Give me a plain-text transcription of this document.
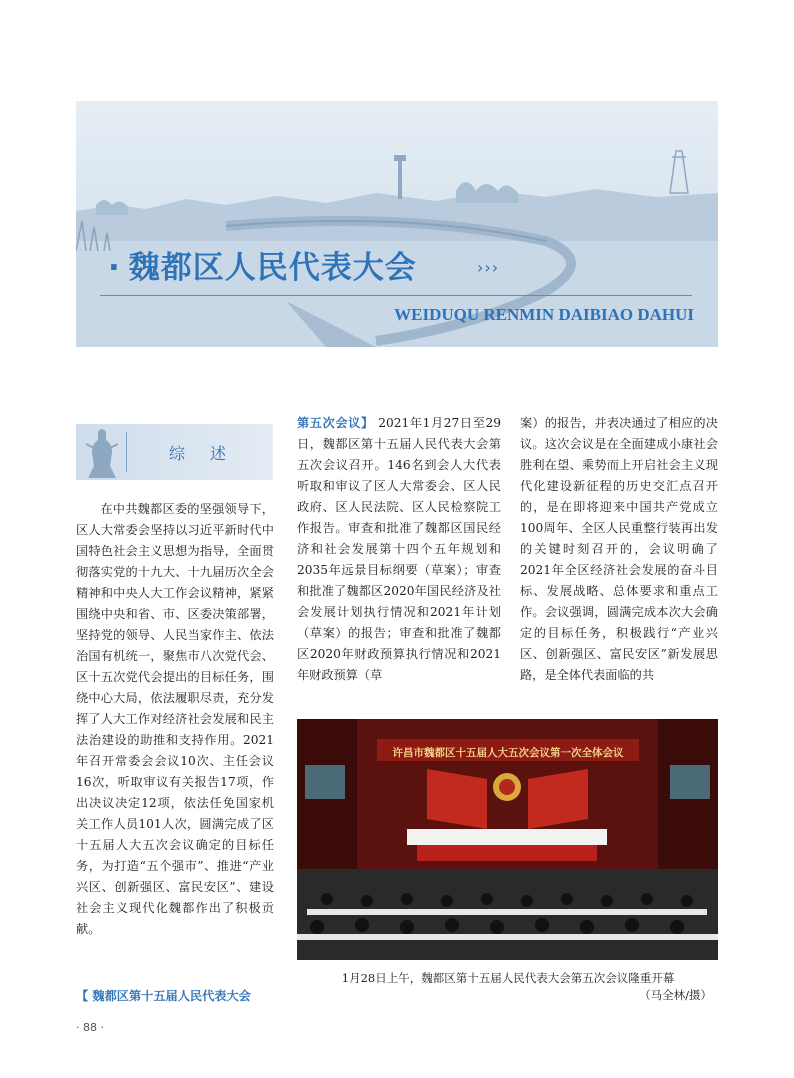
· 魏都区人民代表大会	›››

WEIDUQU RENMIN DAIBIAO DAHUI

综 述

在中共魏都区委的坚强领导下，区人大常委会坚持以习近平新时代中国特色社会主义思想为指导，全面贯彻落实党的十九大、十九届历次全会精神和中央人大工作会议精神，紧紧围绕中央和省、市、区委决策部署，坚持党的领导、人民当家作主、依法治国有机统一，聚焦市八次党代会、区十五次党代会提出的目标任务，围绕中心大局，依法履职尽责，充分发挥了人大工作对经济社会发展和民主法治建设的助推和支持作用。2021年召开常委会会议10次、主任会议16次，听取审议有关报告17项，作出决议决定12项，依法任免国家机关工作人员101人次，圆满完成了区十五届人大五次会议确定的目标任务，为打造“五个强市”、推进“产业兴区、创新强区、富民安区”、建设社会主义现代化魏都作出了积极贡献。

【 魏都区第十五届人民代表大会

第五次会议】 2021年1月27日至29日，魏都区第十五届人民代表大会第五次会议召开。146名到会人大代表听取和审议了区人大常委会、区人民政府、区人民法院、区人民检察院工作报告。审查和批准了魏都区国民经济和社会发展第十四个五年规划和2035年远景目标纲要（草案）；审查和批准了魏都区2020年国民经济及社会发展计划执行情况和2021年计划（草案）的报告；审查和批准了魏都区2020年财政预算执行情况和2021年财政预算（草

案）的报告，并表决通过了相应的决议。这次会议是在全面建成小康社会胜利在望、乘势而上开启社会主义现代化建设新征程的历史交汇点召开的，是在即将迎来中国共产党成立100周年、全区人民重整行装再出发的关键时刻召开的，会议明确了2021年全区经济社会发展的奋斗目标、发展战略、总体要求和重点工作。会议强调，圆满完成本次大会确定的目标任务，积极践行“产业兴区、创新强区、富民安区”新发展思路，是全体代表面临的共

许昌市魏都区十五届人大五次会议第一次全体会议

1月28日上午，魏都区第十五届人民代表大会第五次会议隆重开幕
（马全林/摄）

· 88 ·
